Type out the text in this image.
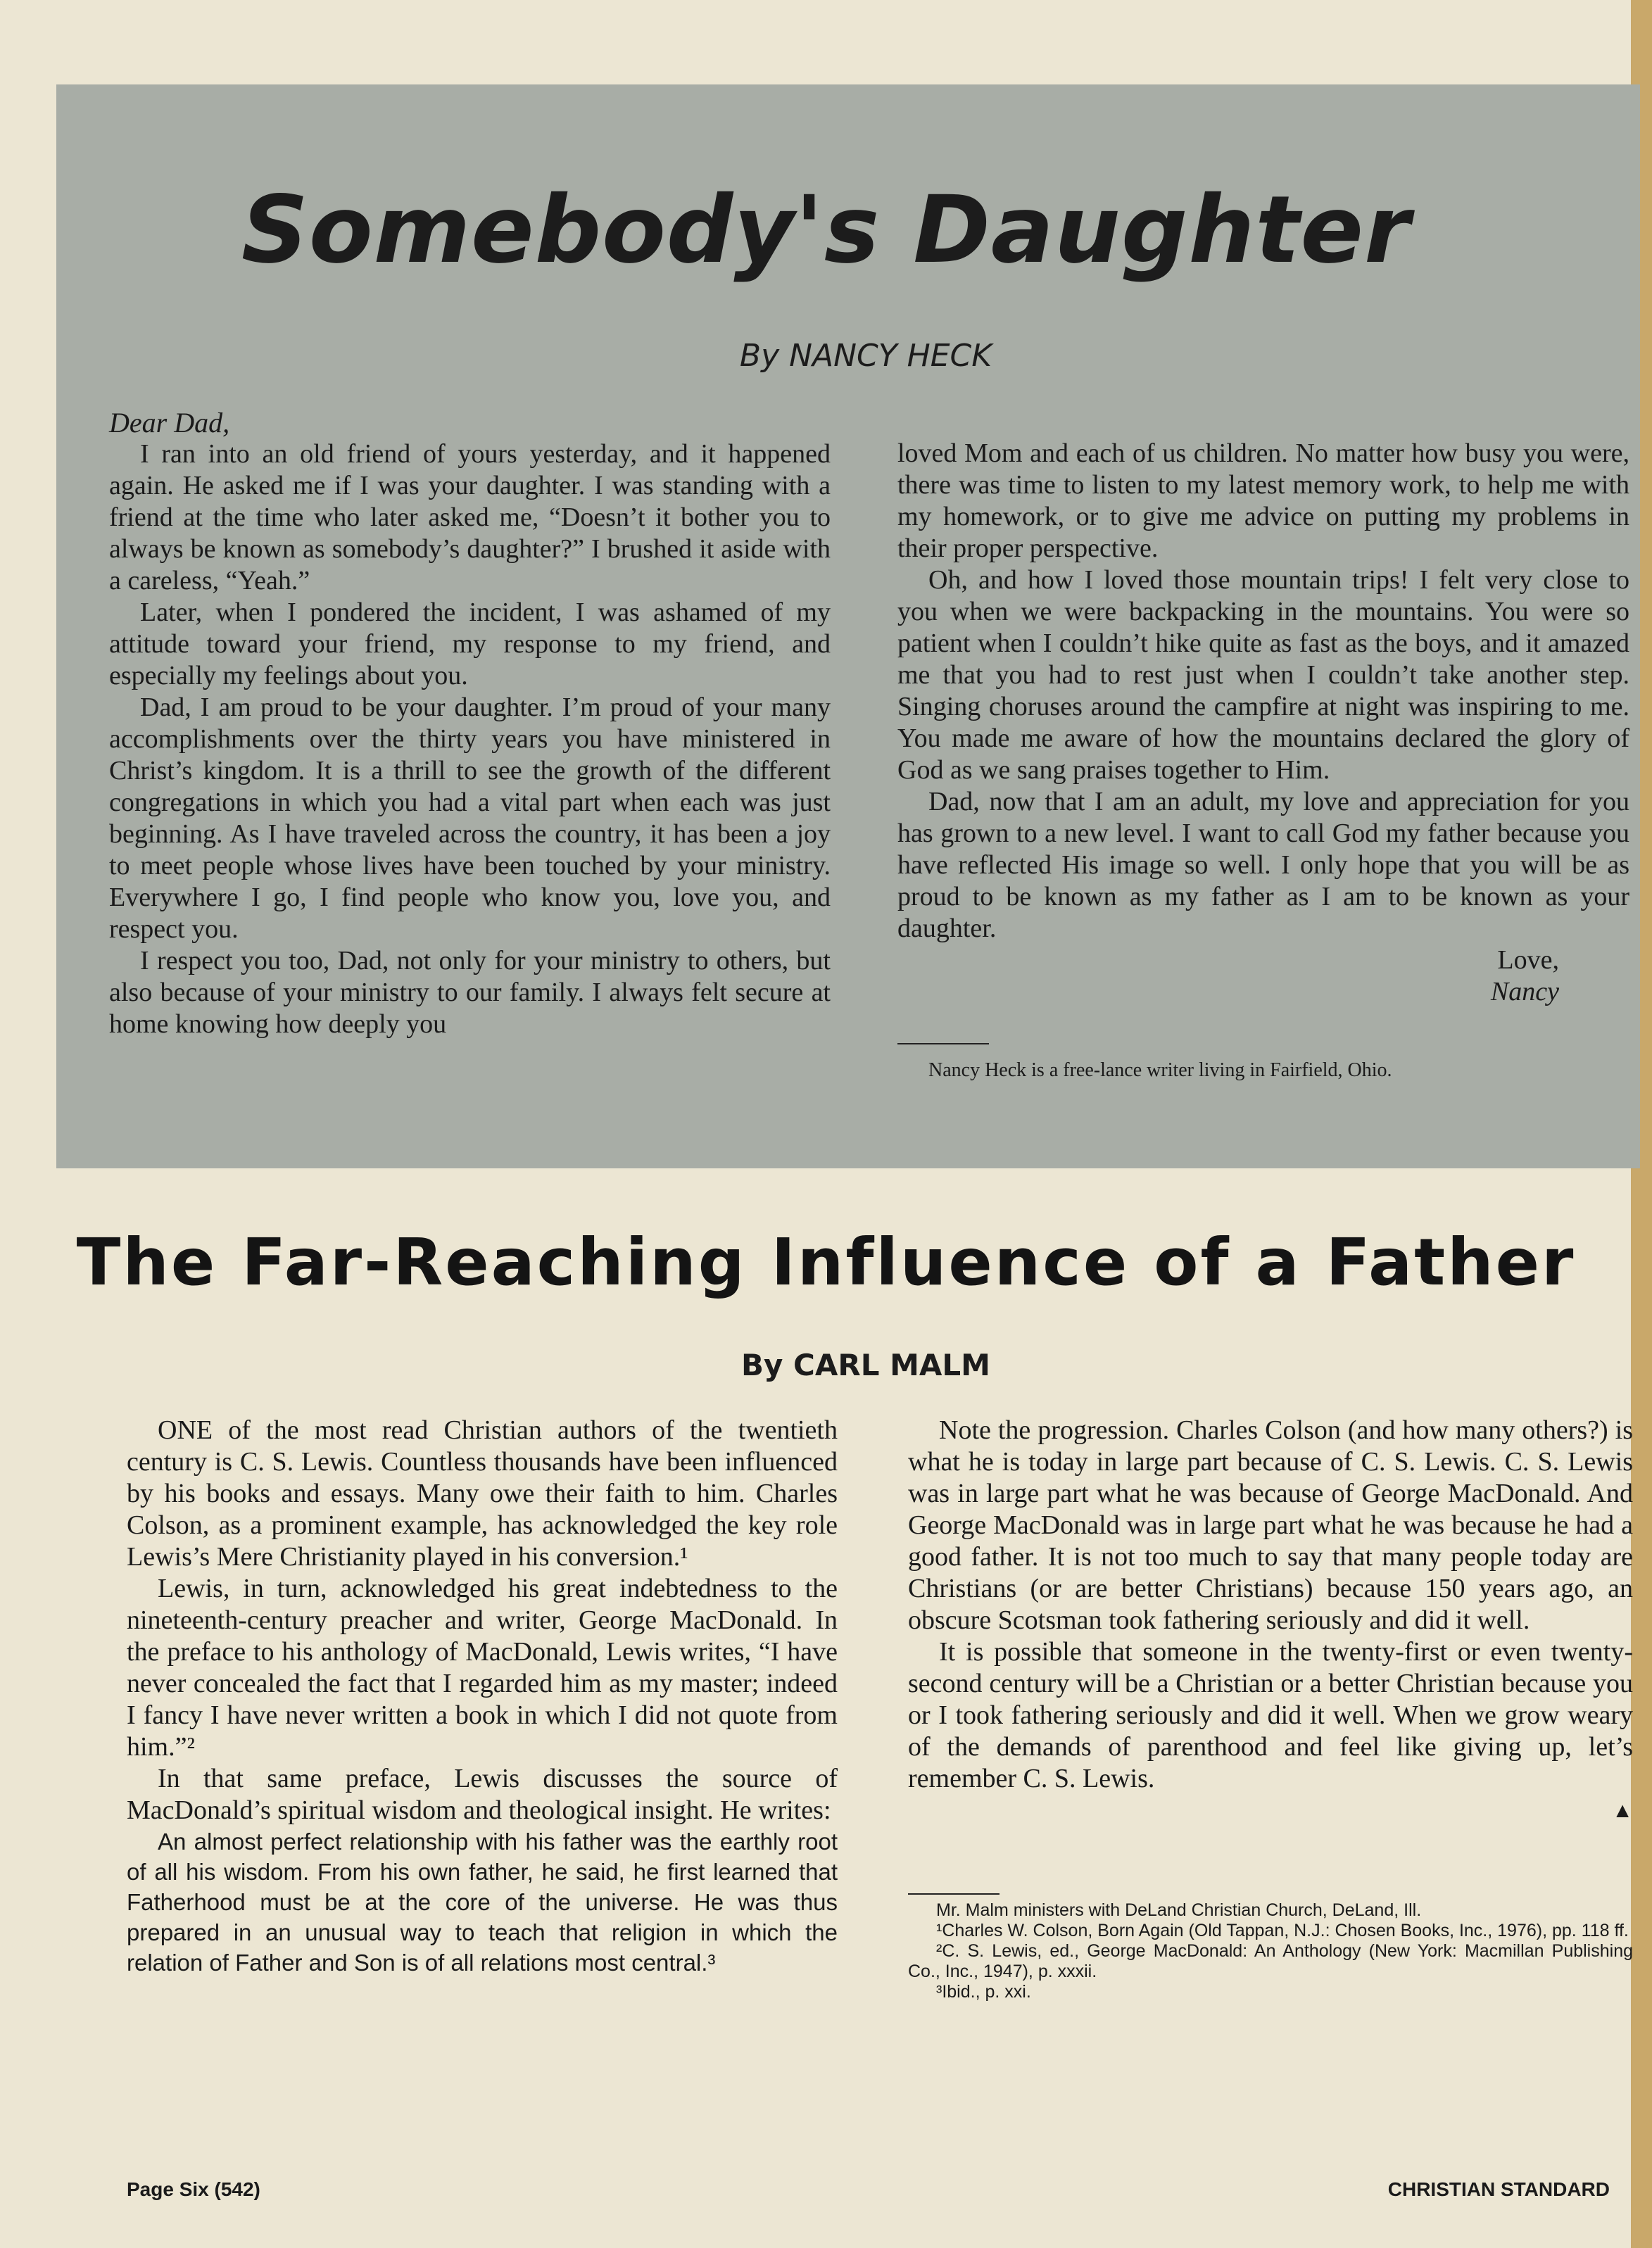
Somebody's Daughter
By NANCY HECK

Dear Dad,

I ran into an old friend of yours yesterday, and it happened again. He asked me if I was your daughter. I was standing with a friend at the time who later asked me, “Doesn’t it bother you to always be known as somebody’s daughter?” I brushed it aside with a careless, “Yeah.”

Later, when I pondered the incident, I was ashamed of my attitude toward your friend, my response to my friend, and especially my feelings about you.

Dad, I am proud to be your daughter. I’m proud of your many accomplishments over the thirty years you have ministered in Christ’s kingdom. It is a thrill to see the growth of the different congregations in which you had a vital part when each was just beginning. As I have traveled across the country, it has been a joy to meet people whose lives have been touched by your ministry. Everywhere I go, I find people who know you, love you, and respect you.

I respect you too, Dad, not only for your ministry to others, but also because of your ministry to our family. I always felt secure at home knowing how deeply you

loved Mom and each of us children. No matter how busy you were, there was time to listen to my latest memory work, to help me with my homework, or to give me advice on putting my problems in their proper perspective.

Oh, and how I loved those mountain trips! I felt very close to you when we were backpacking in the mountains. You were so patient when I couldn’t hike quite as fast as the boys, and it amazed me that you had to rest just when I couldn’t take another step. Singing choruses around the campfire at night was inspiring to me. You made me aware of how the mountains declared the glory of God as we sang praises together to Him.

Dad, now that I am an adult, my love and appreciation for you has grown to a new level. I want to call God my father because you have reflected His image so well. I only hope that you will be as proud to be known as my father as I am to be known as your daughter.

Love,

Nancy

Nancy Heck is a free-lance writer living in Fairfield, Ohio.

The Far-Reaching Influence of a Father
By CARL MALM

ONE of the most read Christian authors of the twentieth century is C. S. Lewis. Countless thousands have been influenced by his books and essays. Many owe their faith to him. Charles Colson, as a prominent example, has acknowledged the key role Lewis’s Mere Christianity played in his conversion.¹

Lewis, in turn, acknowledged his great indebtedness to the nineteenth-century preacher and writer, George MacDonald. In the preface to his anthology of MacDonald, Lewis writes, “I have never concealed the fact that I regarded him as my master; indeed I fancy I have never written a book in which I did not quote from him.”²

In that same preface, Lewis discusses the source of MacDonald’s spiritual wisdom and theological insight. He writes:

An almost perfect relationship with his father was the earthly root of all his wisdom. From his own father, he said, he first learned that Fatherhood must be at the core of the universe. He was thus prepared in an unusual way to teach that religion in which the relation of Father and Son is of all relations most central.³

Note the progression. Charles Colson (and how many others?) is what he is today in large part because of C. S. Lewis. C. S. Lewis was in large part what he was because of George MacDonald. And George MacDonald was in large part what he was because he had a good father. It is not too much to say that many people today are Christians (or are better Christians) because 150 years ago, an obscure Scotsman took fathering seriously and did it well.

It is possible that someone in the twenty-first or even twenty-second century will be a Christian or a better Christian because you or I took fathering seriously and did it well. When we grow weary of the demands of parenthood and feel like giving up, let’s remember C. S. Lewis.

▲

Mr. Malm ministers with DeLand Christian Church, DeLand, Ill.

¹Charles W. Colson, Born Again (Old Tappan, N.J.: Chosen Books, Inc., 1976), pp. 118 ff.

²C. S. Lewis, ed., George MacDonald: An Anthology (New York: Macmillan Publishing Co., Inc., 1947), p. xxxii.

³Ibid., p. xxi.

Page Six (542)	CHRISTIAN STANDARD
